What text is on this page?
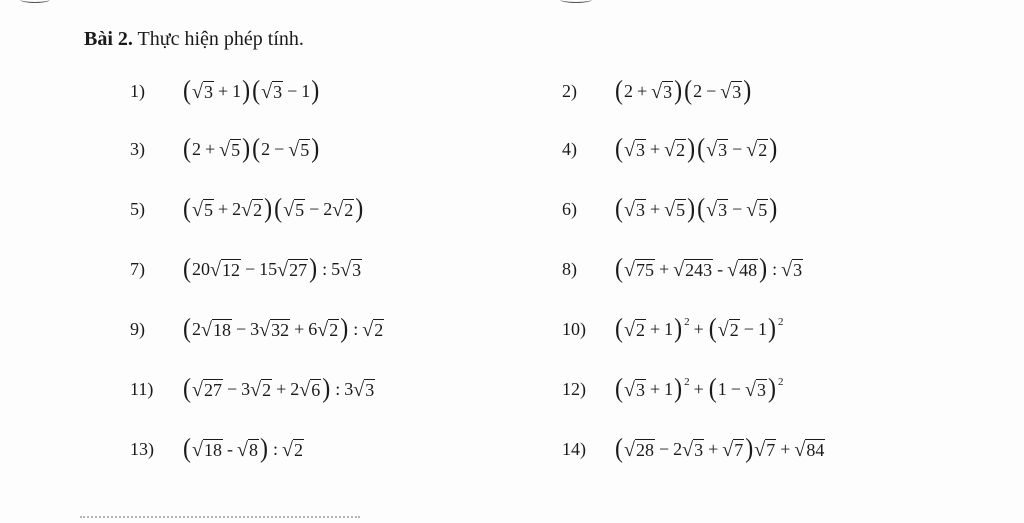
Bài 2. Thực hiện phép tính.
1)	( √ 3 + 1 ) ( √ 3 − 1 )	2)	( 2 + √ 3 ) ( 2 − √ 3 )
3)	( 2 + √ 5 ) ( 2 − √ 5 )	4)	( √ 3 + √ 2 ) ( √ 3 − √ 2 )
5)	( √ 5 + 2 √ 2 ) ( √ 5 − 2 √ 2 )	6)	( √ 3 + √ 5 ) ( √ 3 − √ 5 )
7)	( 2 0 √ 12 − 1 5 √ 27 ) : 5 √ 3	8)	( √ 75 + √ 243 - √ 48 ) : √ 3
9)	( 2 √ 18 − 3 √ 32 + 6 √ 2 ) : √ 2	10)	( √ 2 + 1 )$^2$ + ( √ 2 − 1 )$^2$
11)	( √ 27 − 3 √ 2 + 2 √ 6 ) : 3 √ 3	12)	( √ 3 + 1 )$^2$ + ( 1 − √ 3 )$^2$
13)	( √ 18 - √ 8 ) : √ 2	14)	( √ 28 − 2 √ 3 + √ 7 ) √ 7 + √ 84
